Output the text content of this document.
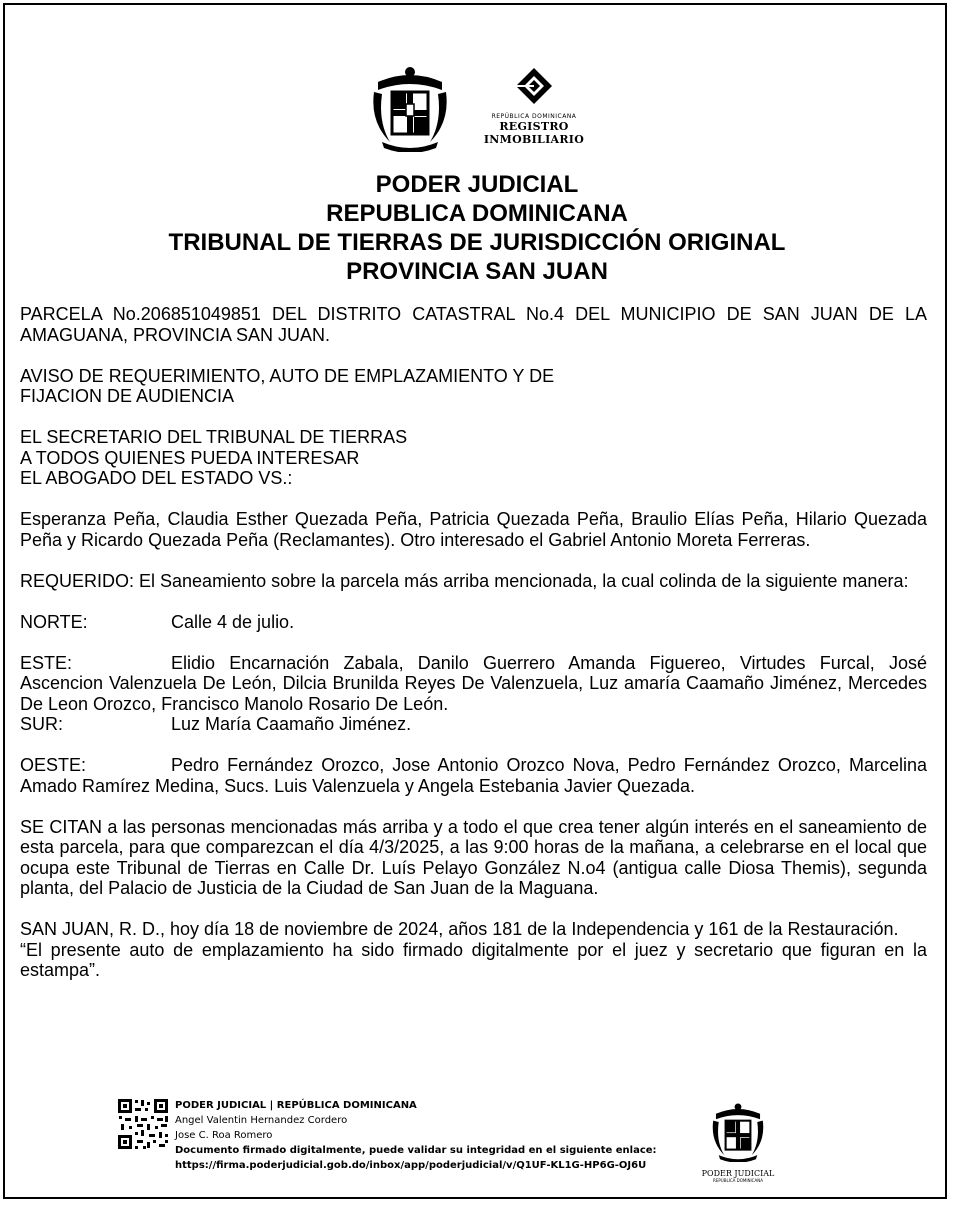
REPÚBLICA DOMINICANA
REGISTRO
INMOBILIARIO
PODER JUDICIAL
REPUBLICA DOMINICANA
TRIBUNAL DE TIERRAS DE JURISDICCIÓN ORIGINAL
PROVINCIA SAN JUAN

PARCELA No.206851049851 DEL DISTRITO CATASTRAL No.4 DEL MUNICIPIO DE SAN JUAN DE LA AMAGUANA, PROVINCIA SAN JUAN.

AVISO DE REQUERIMIENTO, AUTO DE EMPLAZAMIENTO Y DE
FIJACION DE AUDIENCIA

EL SECRETARIO DEL TRIBUNAL DE TIERRAS
A TODOS QUIENES PUEDA INTERESAR
EL ABOGADO DEL ESTADO VS.:

Esperanza Peña, Claudia Esther Quezada Peña, Patricia Quezada Peña, Braulio Elías Peña, Hilario Quezada Peña y Ricardo Quezada Peña (Reclamantes). Otro interesado el Gabriel Antonio Moreta Ferreras.

REQUERIDO: El Saneamiento sobre la parcela más arriba mencionada, la cual colinda de la siguiente manera:

NORTE:	Calle 4 de julio.

ESTE:	Elidio Encarnación Zabala, Danilo Guerrero Amanda Figuereo, Virtudes Furcal, José Ascencion Valenzuela De León, Dilcia Brunilda Reyes De Valenzuela, Luz amaría Caamaño Jiménez, Mercedes De Leon Orozco, Francisco Manolo Rosario De León.

SUR:	Luz María Caamaño Jiménez.

OESTE:	Pedro Fernández Orozco, Jose Antonio Orozco Nova, Pedro Fernández Orozco, Marcelina Amado Ramírez Medina, Sucs. Luis Valenzuela y Angela Estebania Javier Quezada.

SE CITAN a las personas mencionadas más arriba y a todo el que crea tener algún interés en el saneamiento de esta parcela, para que comparezcan el día 4/3/2025, a las 9:00 horas de la mañana, a celebrarse en el local que ocupa este Tribunal de Tierras en Calle Dr. Luís Pelayo González N.o4 (antigua calle Diosa Themis), segunda planta, del Palacio de Justicia de la Ciudad de San Juan de la Maguana.

SAN JUAN, R. D., hoy día 18 de noviembre de 2024, años 181 de la Independencia y 161 de la Restauración.

“El presente auto de emplazamiento ha sido firmado digitalmente por el juez y secretario que figuran en la estampa”.

PODER JUDICIAL | REPÚBLICA DOMINICANA
Angel Valentin Hernandez Cordero
Jose C. Roa Romero
Documento firmado digitalmente, puede validar su integridad en el siguiente enlace:
https://firma.poderjudicial.gob.do/inbox/app/poderjudicial/v/Q1UF-KL1G-HP6G-OJ6U
PODER JUDICIAL
REPÚBLICA DOMINICANA
